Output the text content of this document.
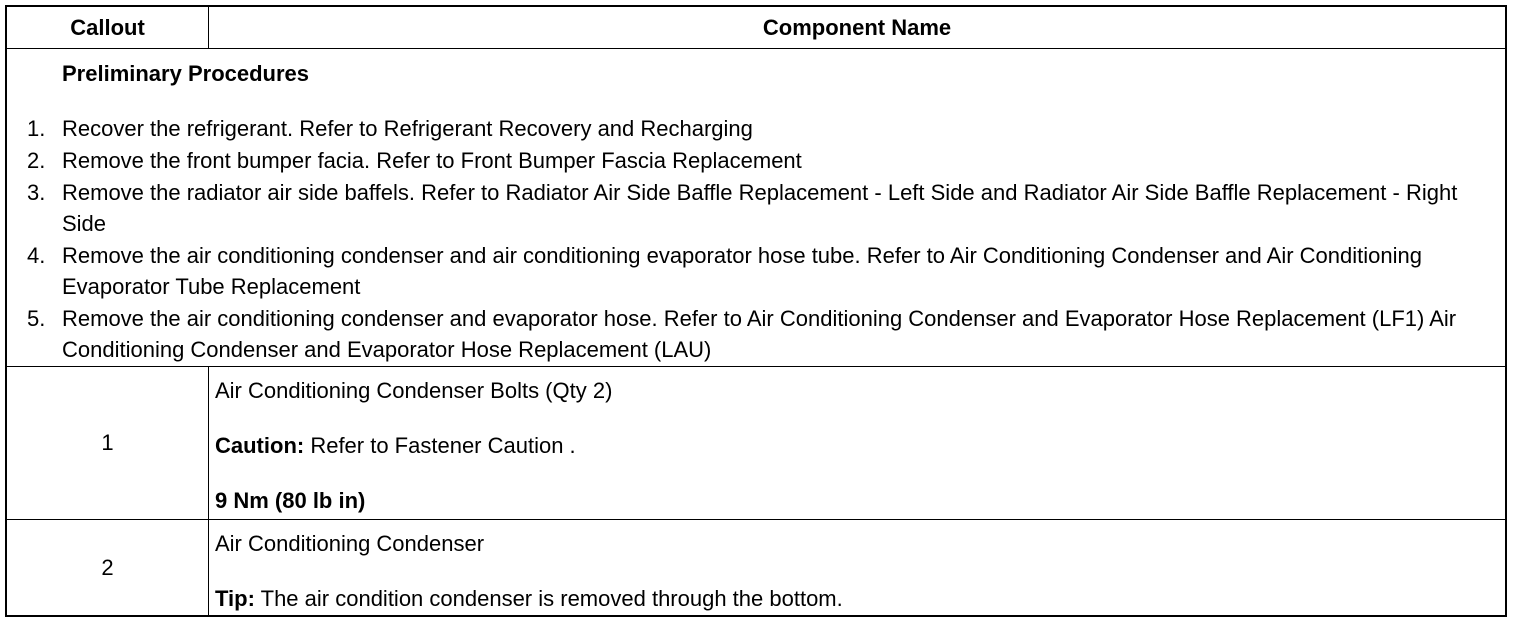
Callout	Component Name
Preliminary Procedures
1. Recover the refrigerant. Refer to Refrigerant Recovery and Recharging
2. Remove the front bumper facia. Refer to Front Bumper Fascia Replacement
3. Remove the radiator air side baffels. Refer to Radiator Air Side Baffle Replacement - Left Side and Radiator Air Side Baffle Replacement - Right Side
4. Remove the air conditioning condenser and air conditioning evaporator hose tube. Refer to Air Conditioning Condenser and Air Conditioning Evaporator Tube Replacement
5. Remove the air conditioning condenser and evaporator hose. Refer to Air Conditioning Condenser and Evaporator Hose Replacement (LF1) Air Conditioning Condenser and Evaporator Hose Replacement (LAU)
1

Air Conditioning Condenser Bolts (Qty 2)

Caution: Refer to Fastener Caution .

9 Nm (80 lb in)

2

Air Conditioning Condenser

Tip: The air condition condenser is removed through the bottom.
